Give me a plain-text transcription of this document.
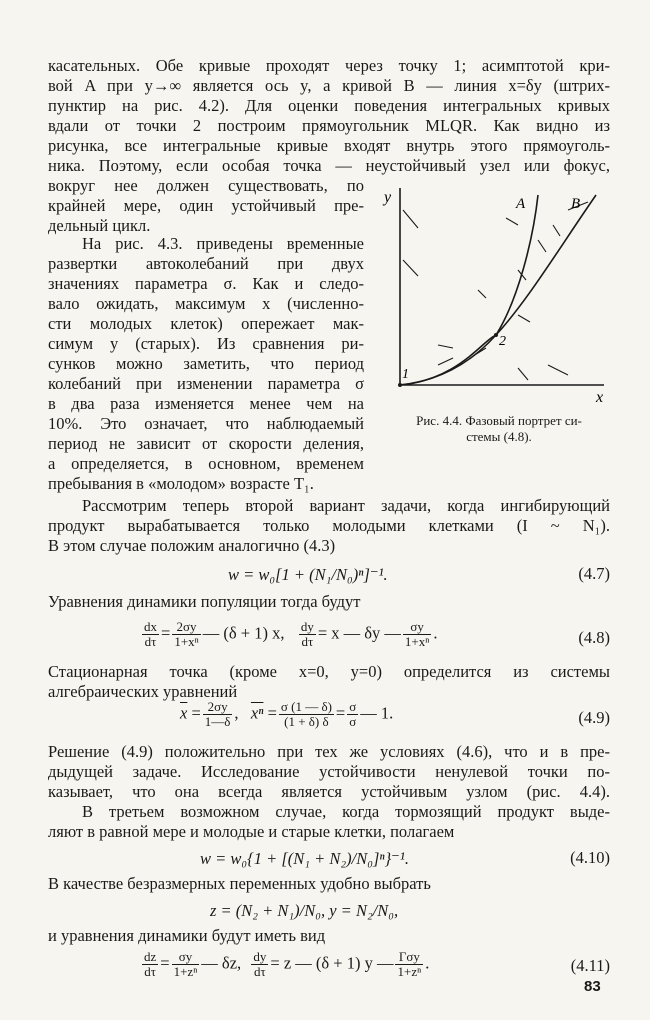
касательных. Обе кривые проходят через точку 1; асимптотой кри-
вой A при y→∞ является ось y, а кривой B — линия x=δy (штрих-
пунктир на рис. 4.2). Для оценки поведения интегральных кривых
вдали от точки 2 построим прямоугольник MLQR. Как видно из
рисунка, все интегральные кривые входят внутрь этого прямоуголь-
ника. Поэтому, если особая точка — неустойчивый узел или фокус,
вокруг нее должен существовать, по
крайней мере, один устойчивый пре-
дельный цикл.
На рис. 4.3. приведены временные
развертки автоколебаний при двух
значениях параметра σ. Как и следо-
вало ожидать, максимум x (численно-
сти молодых клеток) опережает мак-
симум y (старых). Из сравнения ри-
сунков можно заметить, что период
колебаний при изменении параметра σ
в два раза изменяется менее чем на
10%. Это означает, что наблюдаемый
период не зависит от скорости деления,
а определяется, в основном, временем
пребывания в «молодом» возрасте T₁.
y
x
A	B
1
2
Рис. 4.4. Фазовый портрет си-
стемы (4.8).
Рассмотрим теперь второй вариант задачи, когда ингибирующий
продукт вырабатывается только молодыми клетками (I ~ N₁).
В этом случае положим аналогично (4.3)
w = w₀[1 + (N₁/N₀)ⁿ]⁻¹.	(4.7)
Уравнения динамики популяции тогда будут
$\frac{dx}{d\tau} = \frac{2\sigma y}{\text{1+xⁿ}}$ — (δ + 1) x, $\frac{dy}{d\tau} = x$ — δy — $\frac{\sigma y}{\text{1+xⁿ}}$ .	(4.8)
Стационарная точка (кроме x=0, y=0) определится из системы
алгебраических уравнений
$\overline{x} = \frac{2\sigma y}{1—\delta}$ ,   $\overline{x^n} = \frac{\sigma (1 — \delta)}{(1 + \delta) \delta} = \frac{\sigma}{\sigma}$ — 1.	(4.9)
Решение (4.9) положительно при тех же условиях (4.6), что и в пре-
дыдущей задаче. Исследование устойчивости ненулевой точки по-
казывает, что она всегда является устойчивым узлом (рис. 4.4).
В третьем возможном случае, когда тормозящий продукт выде-
ляют в равной мере и молодые и старые клетки, полагаем
w = w₀{1 + [(N₁ + N₂)/N₀]ⁿ}⁻¹.	(4.10)
В качестве безразмерных переменных удобно выбрать
z = (N₂ + N₁)/N₀, y = N₂/N₀,
и уравнения динамики будут иметь вид
$\frac{dz}{d\tau} = \frac{\sigma y}{\text{1+zⁿ}}$ — δz, $\frac{dy}{d\tau} = z$ — (δ + 1) y — Γσy
1+zⁿ .	(4.11)
83
